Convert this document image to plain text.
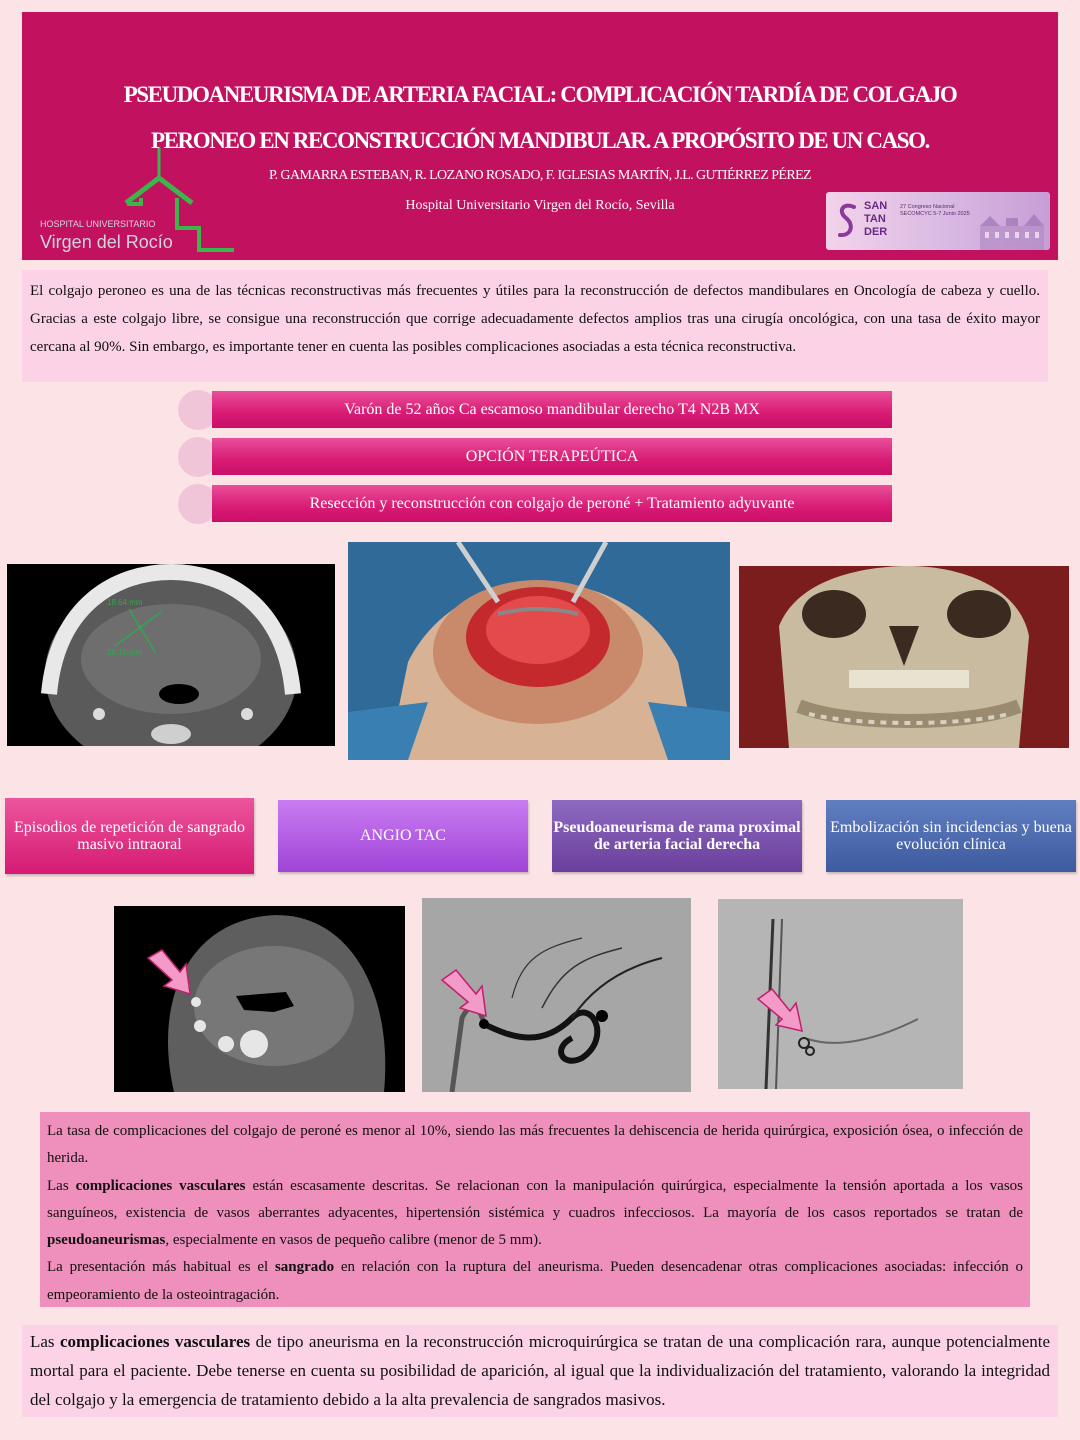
PSEUDOANEURISMA DE ARTERIA FACIAL: COMPLICACIÓN TARDÍA DE COLGAJO PERONEO EN RECONSTRUCCIÓN MANDIBULAR. A PROPÓSITO DE UN CASO.
P. GAMARRA ESTEBAN, R. LOZANO ROSADO, F. IGLESIAS MARTÍN, J.L. GUTIÉRREZ PÉREZ
Hospital Universitario Virgen del Rocío, Sevilla
HOSPITAL UNIVERSITARIO
Virgen del Rocío
SAN
TAN
DER
27 Congreso Nacional SECOMCYC 5-7 Junio 2025
El colgajo peroneo es una de las técnicas reconstructivas más frecuentes y útiles para la reconstrucción de defectos mandibulares en Oncología de cabeza y cuello. Gracias a este colgajo libre, se consigue una reconstrucción que corrige adecuadamente defectos amplios tras una cirugía oncológica, con una tasa de éxito mayor cercana al 90%. Sin embargo, es importante tener en cuenta las posibles complicaciones asociadas a esta técnica reconstructiva.
Varón de 52 años Ca escamoso mandibular derecho T4 N2B MX
OPCIÓN TERAPEÚTICA
Resección y reconstrucción con colgajo de peroné + Tratamiento adyuvante
18.64 mm
36.18 mm
Episodios de repetición de sangrado masivo intraoral
ANGIO TAC	Pseudoaneurisma de rama proximal de arteria facial derecha
Embolización sin incidencias y buena evolución clínica

La tasa de complicaciones del colgajo de peroné es menor al 10%, siendo las más frecuentes la dehiscencia de herida quirúrgica, exposición ósea, o infección de herida.

Las complicaciones vasculares están escasamente descritas. Se relacionan con la manipulación quirúrgica, especialmente la tensión aportada a los vasos sanguíneos, existencia de vasos aberrantes adyacentes, hipertensión sistémica y cuadros infecciosos. La mayoría de los casos reportados se tratan de pseudoaneurismas, especialmente en vasos de pequeño calibre (menor de 5 mm).

La presentación más habitual es el sangrado en relación con la ruptura del aneurisma. Pueden desencadenar otras complicaciones asociadas: infección o empeoramiento de la osteointragación.

Las complicaciones vasculares de tipo aneurisma en la reconstrucción microquirúrgica se tratan de una complicación rara, aunque potencialmente mortal para el paciente. Debe tenerse en cuenta su posibilidad de aparición, al igual que la individualización del tratamiento, valorando la integridad del colgajo y la emergencia de tratamiento debido a la alta prevalencia de sangrados masivos.
